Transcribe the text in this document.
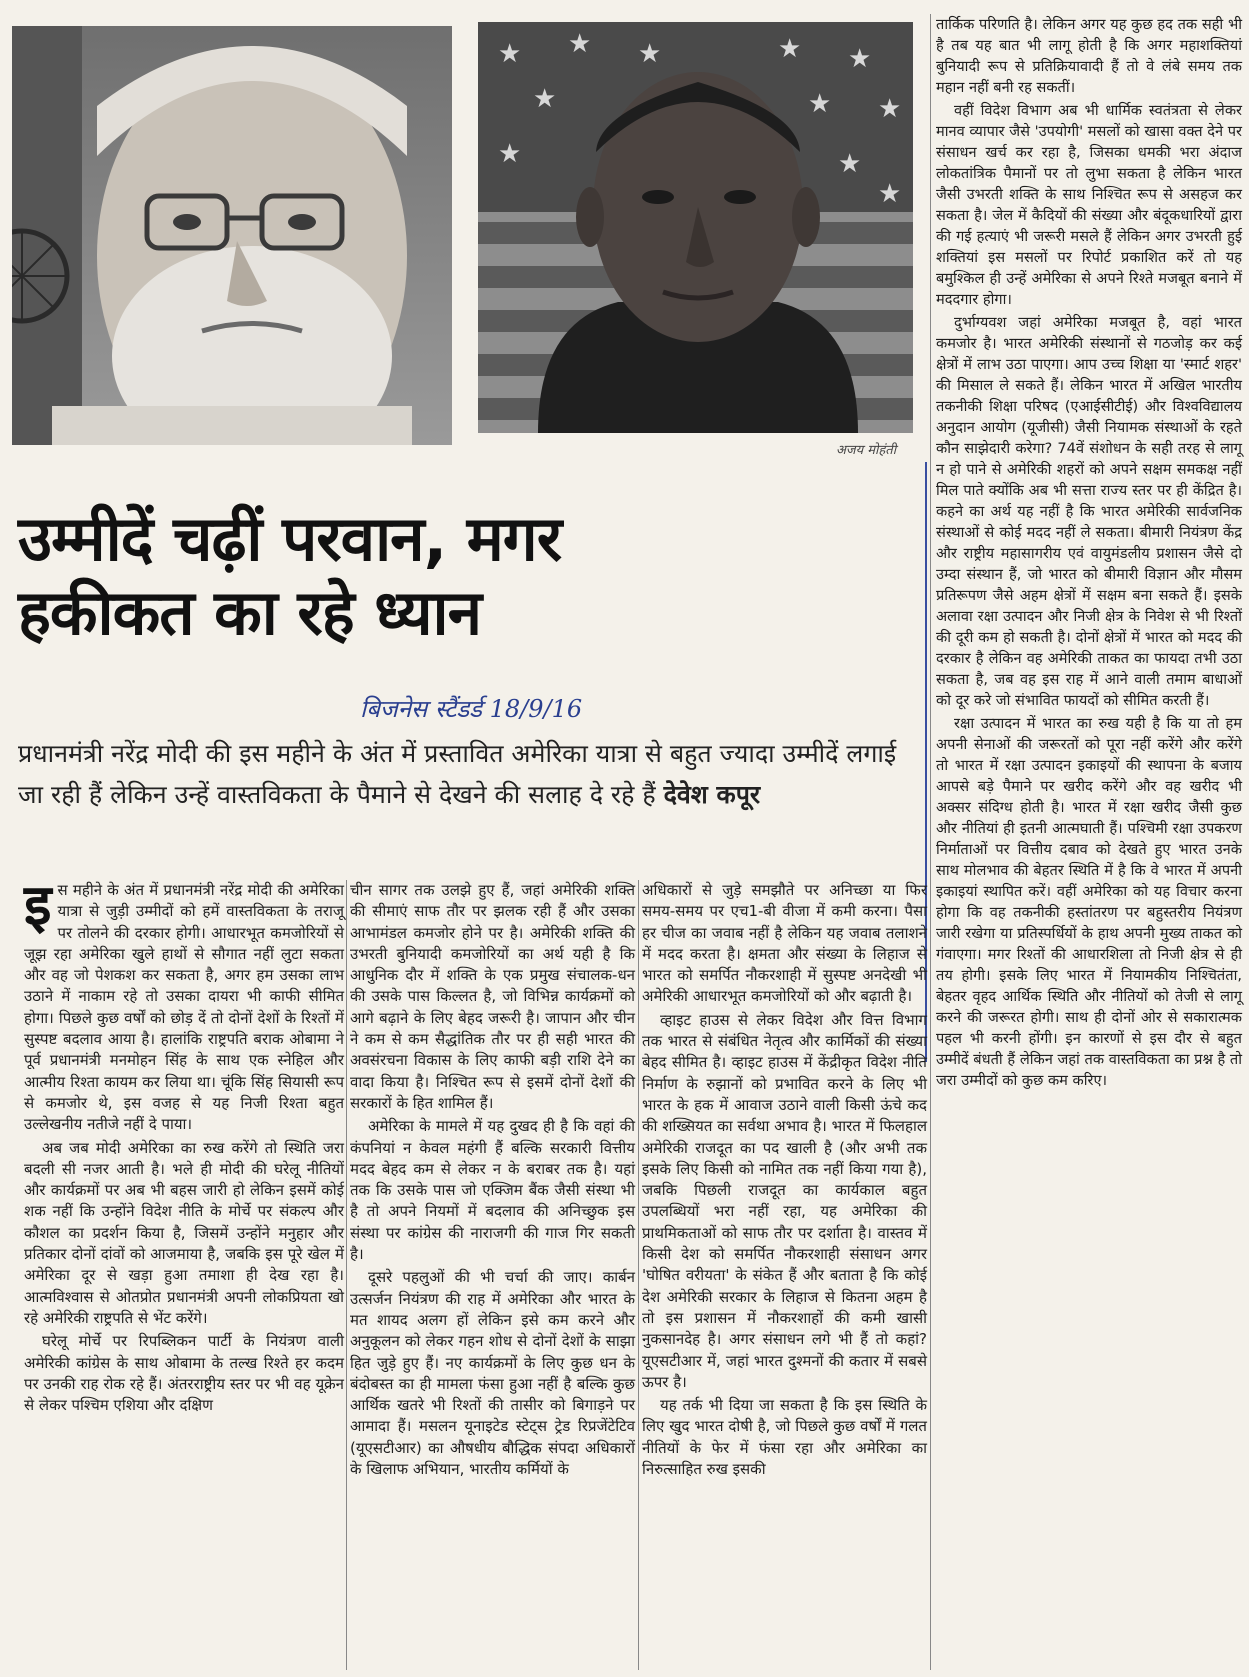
★ ★ ★	★ ★
★	★ ★
★	★
★
अजय मोहंती
उम्मीदें चढ़ीं परवान, मगर
हकीकत का रहे ध्यान
बिजनेस स्टैंडर्ड 18/9/16
प्रधानमंत्री नरेंद्र मोदी की इस महीने के अंत में प्रस्तावित अमेरिका यात्रा से बहुत ज्यादा उम्मीदें लगाई जा रही हैं लेकिन उन्हें वास्तविकता के पैमाने से देखने की सलाह दे रहे हैं देवेश कपूर

इस महीने के अंत में प्रधानमंत्री नरेंद्र मोदी की अमेरिका यात्रा से जुड़ी उम्मीदों को हमें वास्तविकता के तराजू पर तोलने की दरकार होगी। आधारभूत कमजोरियों से जूझ रहा अमेरिका खुले हाथों से सौगात नहीं लुटा सकता और वह जो पेशकश कर सकता है, अगर हम उसका लाभ उठाने में नाकाम रहे तो उसका दायरा भी काफी सीमित होगा। पिछले कुछ वर्षों को छोड़ दें तो दोनों देशों के रिश्तों में सुस्पष्ट बदलाव आया है। हालांकि राष्ट्रपति बराक ओबामा ने पूर्व प्रधानमंत्री मनमोहन सिंह के साथ एक स्नेहिल और आत्मीय रिश्ता कायम कर लिया था। चूंकि सिंह सियासी रूप से कमजोर थे, इस वजह से यह निजी रिश्ता बहुत उल्लेखनीय नतीजे नहीं दे पाया।

अब जब मोदी अमेरिका का रुख करेंगे तो स्थिति जरा बदली सी नजर आती है। भले ही मोदी की घरेलू नीतियों और कार्यक्रमों पर अब भी बहस जारी हो लेकिन इसमें कोई शक नहीं कि उन्होंने विदेश नीति के मोर्चे पर संकल्प और कौशल का प्रदर्शन किया है, जिसमें उन्होंने मनुहार और प्रतिकार दोनों दांवों को आजमाया है, जबकि इस पूरे खेल में अमेरिका दूर से खड़ा हुआ तमाशा ही देख रहा है। आत्मविश्वास से ओतप्रोत प्रधानमंत्री अपनी लोकप्रियता खो रहे अमेरिकी राष्ट्रपति से भेंट करेंगे।

घरेलू मोर्चे पर रिपब्लिकन पार्टी के नियंत्रण वाली अमेरिकी कांग्रेस के साथ ओबामा के तल्ख रिश्ते हर कदम पर उनकी राह रोक रहे हैं। अंतरराष्ट्रीय स्तर पर भी वह यूक्रेन से लेकर पश्चिम एशिया और दक्षिण

चीन सागर तक उलझे हुए हैं, जहां अमेरिकी शक्ति की सीमाएं साफ तौर पर झलक रही हैं और उसका आभामंडल कमजोर होने पर है। अमेरिकी शक्ति की उभरती बुनियादी कमजोरियों का अर्थ यही है कि आधुनिक दौर में शक्ति के एक प्रमुख संचालक-धन की उसके पास किल्लत है, जो विभिन्न कार्यक्रमों को आगे बढ़ाने के लिए बेहद जरूरी है। जापान और चीन ने कम से कम सैद्धांतिक तौर पर ही सही भारत की अवसंरचना विकास के लिए काफी बड़ी राशि देने का वादा किया है। निश्चित रूप से इसमें दोनों देशों की सरकारों के हित शामिल हैं।

अमेरिका के मामले में यह दुखद ही है कि वहां की कंपनियां न केवल महंगी हैं बल्कि सरकारी वित्तीय मदद बेहद कम से लेकर न के बराबर तक है। यहां तक कि उसके पास जो एक्जिम बैंक जैसी संस्था भी है तो अपने नियमों में बदलाव की अनिच्छुक इस संस्था पर कांग्रेस की नाराजगी की गाज गिर सकती है।

दूसरे पहलुओं की भी चर्चा की जाए। कार्बन उत्सर्जन नियंत्रण की राह में अमेरिका और भारत के मत शायद अलग हों लेकिन इसे कम करने और अनुकूलन को लेकर गहन शोध से दोनों देशों के साझा हित जुड़े हुए हैं। नए कार्यक्रमों के लिए कुछ धन के बंदोबस्त का ही मामला फंसा हुआ नहीं है बल्कि कुछ आर्थिक खतरे भी रिश्तों की तासीर को बिगाड़ने पर आमादा हैं। मसलन यूनाइटेड स्टेट्स ट्रेड रिप्रजेंटेटिव (यूएसटीआर) का औषधीय बौद्धिक संपदा अधिकारों के खिलाफ अभियान, भारतीय कर्मियों के

अधिकारों से जुड़े समझौते पर अनिच्छा या फिर समय-समय पर एच1-बी वीजा में कमी करना। पैसा हर चीज का जवाब नहीं है लेकिन यह जवाब तलाशने में मदद करता है। क्षमता और संख्या के लिहाज से भारत को समर्पित नौकरशाही में सुस्पष्ट अनदेखी भी अमेरिकी आधारभूत कमजोरियों को और बढ़ाती है।

व्हाइट हाउस से लेकर विदेश और वित्त विभाग तक भारत से संबंधित नेतृत्व और कार्मिकों की संख्या बेहद सीमित है। व्हाइट हाउस में केंद्रीकृत विदेश नीति निर्माण के रुझानों को प्रभावित करने के लिए भी भारत के हक में आवाज उठाने वाली किसी ऊंचे कद की शख्सियत का सर्वथा अभाव है। भारत में फिलहाल अमेरिकी राजदूत का पद खाली है (और अभी तक इसके लिए किसी को नामित तक नहीं किया गया है), जबकि पिछली राजदूत का कार्यकाल बहुत उपलब्धियों भरा नहीं रहा, यह अमेरिका की प्राथमिकताओं को साफ तौर पर दर्शाता है। वास्तव में किसी देश को समर्पित नौकरशाही संसाधन अगर 'घोषित वरीयता' के संकेत हैं और बताता है कि कोई देश अमेरिकी सरकार के लिहाज से कितना अहम है तो इस प्रशासन में नौकरशाहों की कमी खासी नुकसानदेह है। अगर संसाधन लगे भी हैं तो कहां? यूएसटीआर में, जहां भारत दुश्मनों की कतार में सबसे ऊपर है।

यह तर्क भी दिया जा सकता है कि इस स्थिति के लिए खुद भारत दोषी है, जो पिछले कुछ वर्षों में गलत नीतियों के फेर में फंसा रहा और अमेरिका का निरुत्साहित रुख इसकी

तार्किक परिणति है। लेकिन अगर यह कुछ हद तक सही भी है तब यह बात भी लागू होती है कि अगर महाशक्तियां बुनियादी रूप से प्रतिक्रियावादी हैं तो वे लंबे समय तक महान नहीं बनी रह सकतीं।

वहीं विदेश विभाग अब भी धार्मिक स्वतंत्रता से लेकर मानव व्यापार जैसे 'उपयोगी' मसलों को खासा वक्त देने पर संसाधन खर्च कर रहा है, जिसका धमकी भरा अंदाज लोकतांत्रिक पैमानों पर तो लुभा सकता है लेकिन भारत जैसी उभरती शक्ति के साथ निश्चित रूप से असहज कर सकता है। जेल में कैदियों की संख्या और बंदूकधारियों द्वारा की गई हत्याएं भी जरूरी मसले हैं लेकिन अगर उभरती हुई शक्तियां इस मसलों पर रिपोर्ट प्रकाशित करें तो यह बमुश्किल ही उन्हें अमेरिका से अपने रिश्ते मजबूत बनाने में मददगार होगा।

दुर्भाग्यवश जहां अमेरिका मजबूत है, वहां भारत कमजोर है। भारत अमेरिकी संस्थानों से गठजोड़ कर कई क्षेत्रों में लाभ उठा पाएगा। आप उच्च शिक्षा या 'स्मार्ट शहर' की मिसाल ले सकते हैं। लेकिन भारत में अखिल भारतीय तकनीकी शिक्षा परिषद (एआईसीटीई) और विश्वविद्यालय अनुदान आयोग (यूजीसी) जैसी नियामक संस्थाओं के रहते कौन साझेदारी करेगा? 74वें संशोधन के सही तरह से लागू न हो पाने से अमेरिकी शहरों को अपने सक्षम समकक्ष नहीं मिल पाते क्योंकि अब भी सत्ता राज्य स्तर पर ही केंद्रित है। कहने का अर्थ यह नहीं है कि भारत अमेरिकी सार्वजनिक संस्थाओं से कोई मदद नहीं ले सकता। बीमारी नियंत्रण केंद्र और राष्ट्रीय महासागरीय एवं वायुमंडलीय प्रशासन जैसे दो उम्दा संस्थान हैं, जो भारत को बीमारी विज्ञान और मौसम प्रतिरूपण जैसे अहम क्षेत्रों में सक्षम बना सकते हैं। इसके अलावा रक्षा उत्पादन और निजी क्षेत्र के निवेश से भी रिश्तों की दूरी कम हो सकती है। दोनों क्षेत्रों में भारत को मदद की दरकार है लेकिन वह अमेरिकी ताकत का फायदा तभी उठा सकता है, जब वह इस राह में आने वाली तमाम बाधाओं को दूर करे जो संभावित फायदों को सीमित करती हैं।

रक्षा उत्पादन में भारत का रुख यही है कि या तो हम अपनी सेनाओं की जरूरतों को पूरा नहीं करेंगे और करेंगे तो भारत में रक्षा उत्पादन इकाइयों की स्थापना के बजाय आपसे बड़े पैमाने पर खरीद करेंगे और वह खरीद भी अक्सर संदिग्ध होती है। भारत में रक्षा खरीद जैसी कुछ और नीतियां ही इतनी आत्मघाती हैं। पश्चिमी रक्षा उपकरण निर्माताओं पर वित्तीय दबाव को देखते हुए भारत उनके साथ मोलभाव की बेहतर स्थिति में है कि वे भारत में अपनी इकाइयां स्थापित करें। वहीं अमेरिका को यह विचार करना होगा कि वह तकनीकी हस्तांतरण पर बहुस्तरीय नियंत्रण जारी रखेगा या प्रतिस्पर्धियों के हाथ अपनी मुख्य ताकत को गंवाएगा। मगर रिश्तों की आधारशिला तो निजी क्षेत्र से ही तय होगी। इसके लिए भारत में नियामकीय निश्चितंता, बेहतर वृहद आर्थिक स्थिति और नीतियों को तेजी से लागू करने की जरूरत होगी। साथ ही दोनों ओर से सकारात्मक पहल भी करनी होंगी। इन कारणों से इस दौर से बहुत उम्मीदें बंधती हैं लेकिन जहां तक वास्तविकता का प्रश्न है तो जरा उम्मीदों को कुछ कम करिए।
